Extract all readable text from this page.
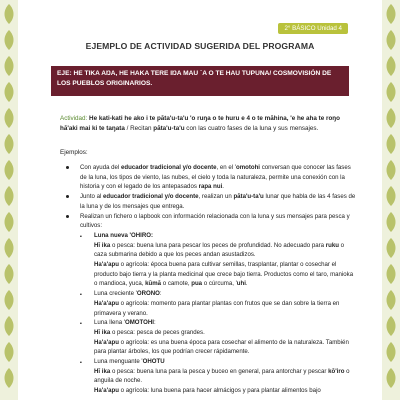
2° BÁSICO Unidad 4
EJEMPLO DE ACTIVIDAD SUGERIDA DEL PROGRAMA
EJE: HE TIKA AŊA, HE HAKA TERE IŊA MAU ´A O TE HAU TUPUNA/ COSMOVISIÓN DE LOS PUEBLOS ORIGINARIOS.
Actividad: He kati-kati he ako i te pāta'u-ta'u 'o ruŋa o te huru e 4 o te māhina, 'e he aha te roŋo hā'aki mai ki te taŋata / Recitan pāta'u-ta'u con las cuatro fases de la luna y sus mensajes.
Ejemplos:
Con ayuda del educador tradicional y/o docente, en el 'omotohi conversan que conocer las fases de la luna, los tipos de viento, las nubes, el cielo y toda la naturaleza, permite una conexión con la historia y con el legado de los antepasados rapa nui.
Junto al educador tradicional y/o docente, realizan un pāta'u-ta'u lunar que habla de las 4 fases de la luna y de los mensajes que entrega.
Realizan un fichero o lapbook con información relacionada con la luna y sus mensajes para pesca y cultivos:
▪ Luna nueva 'OHIRO:
Hī ika o pesca: buena luna para pescar los peces de profundidad. No adecuado para ruku o caza submarina debido a que los peces andan asustadizos.
Ha'a'apu o agrícola: época buena para cultivar semillas, trasplantar, plantar o cosechar el producto bajo tierra y la planta medicinal que crece bajo tierra. Productos como el taro, manioka o mandioca, yuca, kūmā o camote, pua o cúrcuma, 'uhi.
▪ Luna creciente 'ORONO:
Ha'a'apu o agrícola: momento para plantar plantas con frutos que se dan sobre la tierra en primavera y verano.
▪ Luna llena 'OMOTOHI:
Hī ika o pesca: pesca de peces grandes.
Ha'a'apu o agrícola: es una buena época para cosechar el alimento de la naturaleza. También para plantar árboles, los que podrían crecer rápidamente.
▪ Luna menguante 'OHOTU
Hī ika o pesca: buena luna para la pesca y buceo en general, para antorchar y pescar kō'iro o anguila de noche.
Ha'a'apu o agrícola: luna buena para hacer almácigos y para plantar alimentos bajo
